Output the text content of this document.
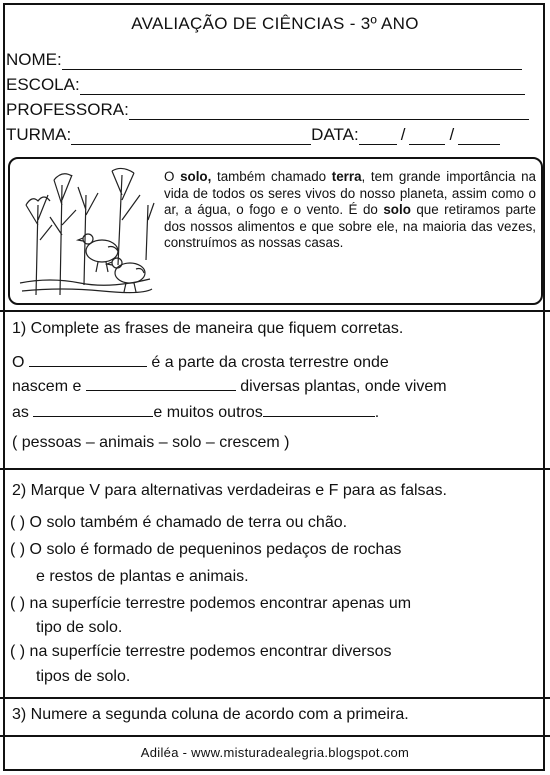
AVALIAÇÃO DE CIÊNCIAS - 3º ANO
NOME:
ESCOLA:
PROFESSORA:
TURMA:	DATA: /	/
O solo, também chamado terra, tem grande importância na vida de todos os seres vivos do nosso planeta, assim como o ar, a água, o fogo e o vento. É do solo que retiramos parte dos nossos alimentos e que sobre ele, na maioria das vezes, construímos as nossas casas.
1) Complete as frases de maneira que fiquem corretas.
O	é a parte da crosta terrestre onde
nascem e	diversas plantas, onde vivem
as	e muitos outros	.
( pessoas – animais – solo – crescem )
2) Marque V para alternativas verdadeiras e F para as falsas.
( ) O solo também é chamado de terra ou chão.
( ) O solo é formado de pequeninos pedaços de rochas
e restos de plantas e animais.
( ) na superfície terrestre podemos encontrar apenas um
tipo de solo.
( ) na superfície terrestre podemos encontrar diversos
tipos de solo.
3) Numere a segunda coluna de acordo com a primeira.
Adiléa - www.misturadealegria.blogspot.com
